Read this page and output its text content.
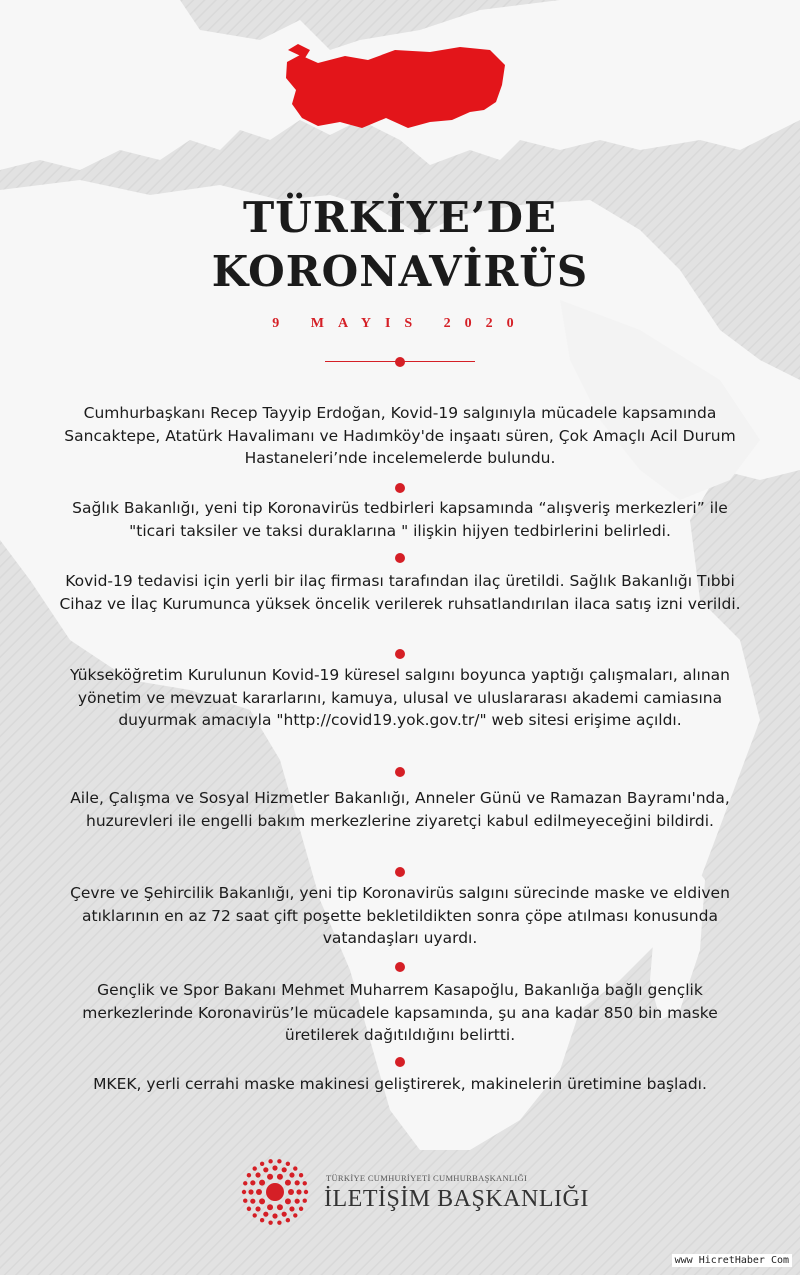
TÜRKİYE’DE
KORONAVİRÜS
9 MAYIS 2020
Cumhurbaşkanı Recep Tayyip Erdoğan, Kovid-19 salgınıyla mücadele kapsamında Sancaktepe, Atatürk Havalimanı ve Hadımköy'de inşaatı süren, Çok Amaçlı Acil Durum Hastaneleri’nde incelemelerde bulundu.
Sağlık Bakanlığı, yeni tip Koronavirüs tedbirleri kapsamında “alışveriş merkezleri” ile "ticari taksiler ve taksi duraklarına " ilişkin hijyen tedbirlerini belirledi.
Kovid-19 tedavisi için yerli bir ilaç firması tarafından ilaç üretildi. Sağlık Bakanlığı Tıbbi Cihaz ve İlaç Kurumunca yüksek öncelik verilerek ruhsatlandırılan ilaca satış izni verildi.
Yükseköğretim Kurulunun Kovid-19 küresel salgını boyunca yaptığı çalışmaları, alınan yönetim ve mevzuat kararlarını, kamuya, ulusal ve uluslararası akademi camiasına duyurmak amacıyla "http://covid19.yok.gov.tr/" web sitesi erişime açıldı.
Aile, Çalışma ve Sosyal Hizmetler Bakanlığı, Anneler Günü ve Ramazan Bayramı'nda, huzurevleri ile engelli bakım merkezlerine ziyaretçi kabul edilmeyeceğini bildirdi.
Çevre ve Şehircilik Bakanlığı, yeni tip Koronavirüs salgını sürecinde maske ve eldiven atıklarının en az 72 saat çift poşette bekletildikten sonra çöpe atılması konusunda vatandaşları uyardı.
Gençlik ve Spor Bakanı Mehmet Muharrem Kasapoğlu, Bakanlığa bağlı gençlik merkezlerinde Koronavirüs’le mücadele kapsamında, şu ana kadar 850 bin maske üretilerek dağıtıldığını belirtti.
MKEK, yerli cerrahi maske makinesi geliştirerek, makinelerin üretimine başladı.
TÜRKİYE CUMHURİYETİ CUMHURBAŞKANLIĞI
İLETİŞİM BAŞKANLIĞI
www HicretHaber Com
